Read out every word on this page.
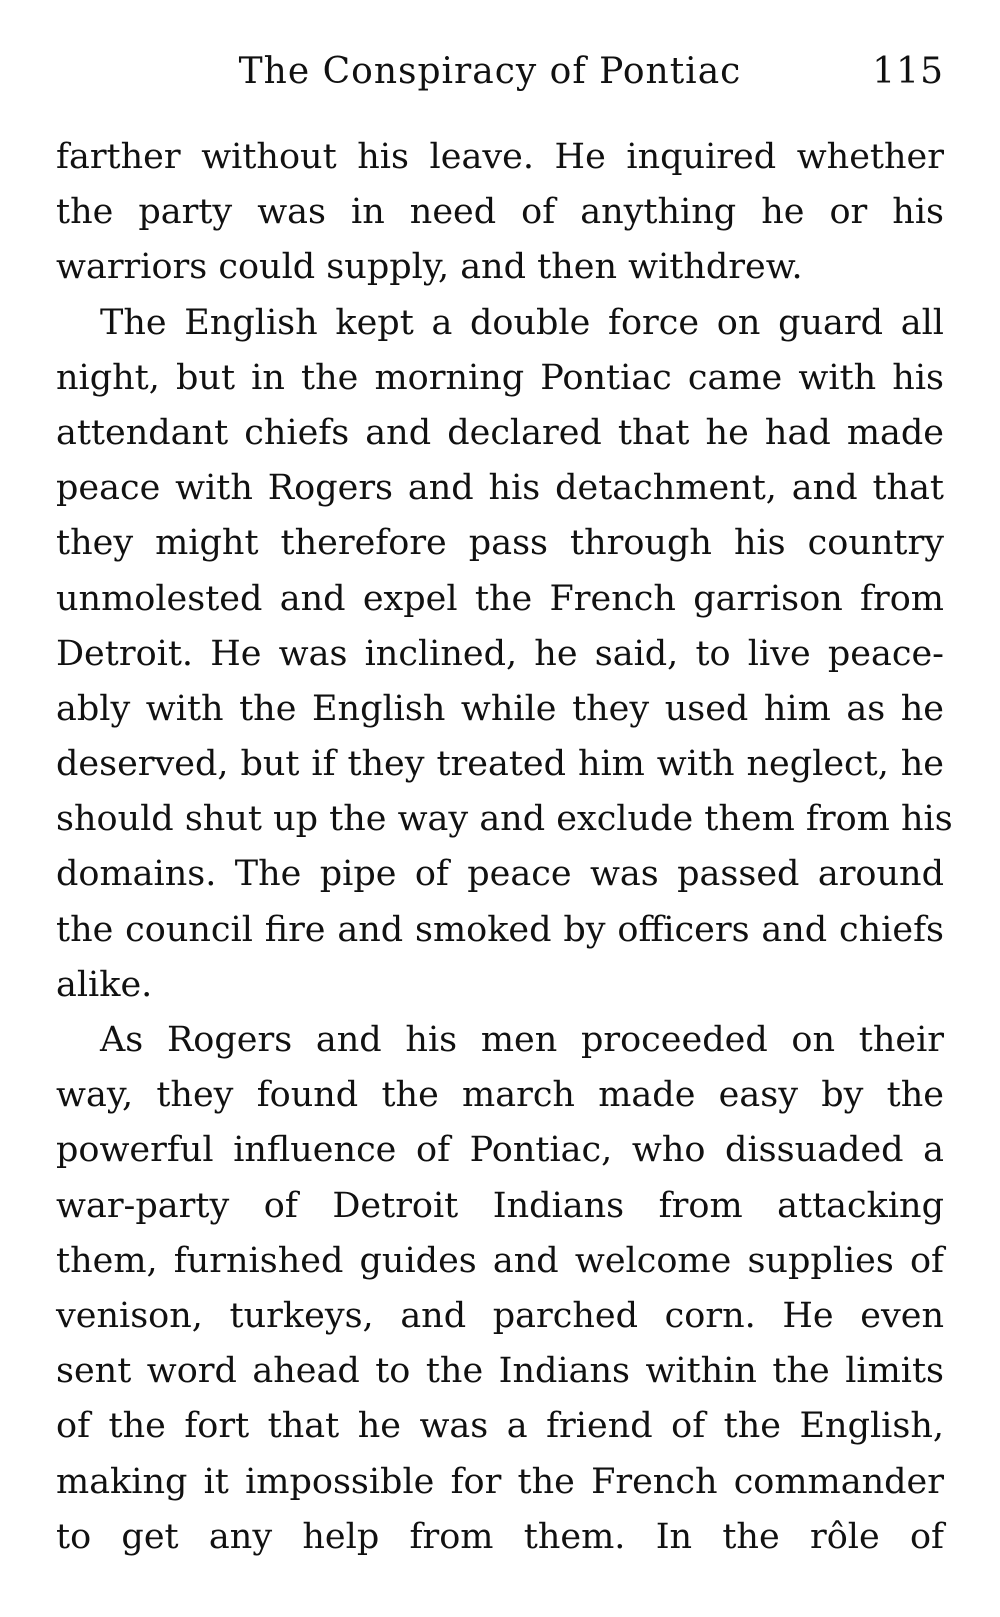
The Conspiracy of Pontiac	115
farther without his leave. He inquired whether
the party was in need of anything he or his
warriors could supply, and then withdrew.
The English kept a double force on guard all
night, but in the morning Pontiac came with his
attendant chiefs and declared that he had made
peace with Rogers and his detachment, and that
they might therefore pass through his country
unmolested and expel the French garrison from
Detroit. He was inclined, he said, to live peace-
ably with the English while they used him as he
deserved, but if they treated him with neglect, he
should shut up the way and exclude them from his
domains. The pipe of peace was passed around
the council fire and smoked by officers and chiefs
alike.
As Rogers and his men proceeded on their
way, they found the march made easy by the
powerful influence of Pontiac, who dissuaded a
war-party of Detroit Indians from attacking
them, furnished guides and welcome supplies of
venison, turkeys, and parched corn. He even
sent word ahead to the Indians within the limits
of the fort that he was a friend of the English,
making it impossible for the French commander
to get any help from them. In the rôle of
